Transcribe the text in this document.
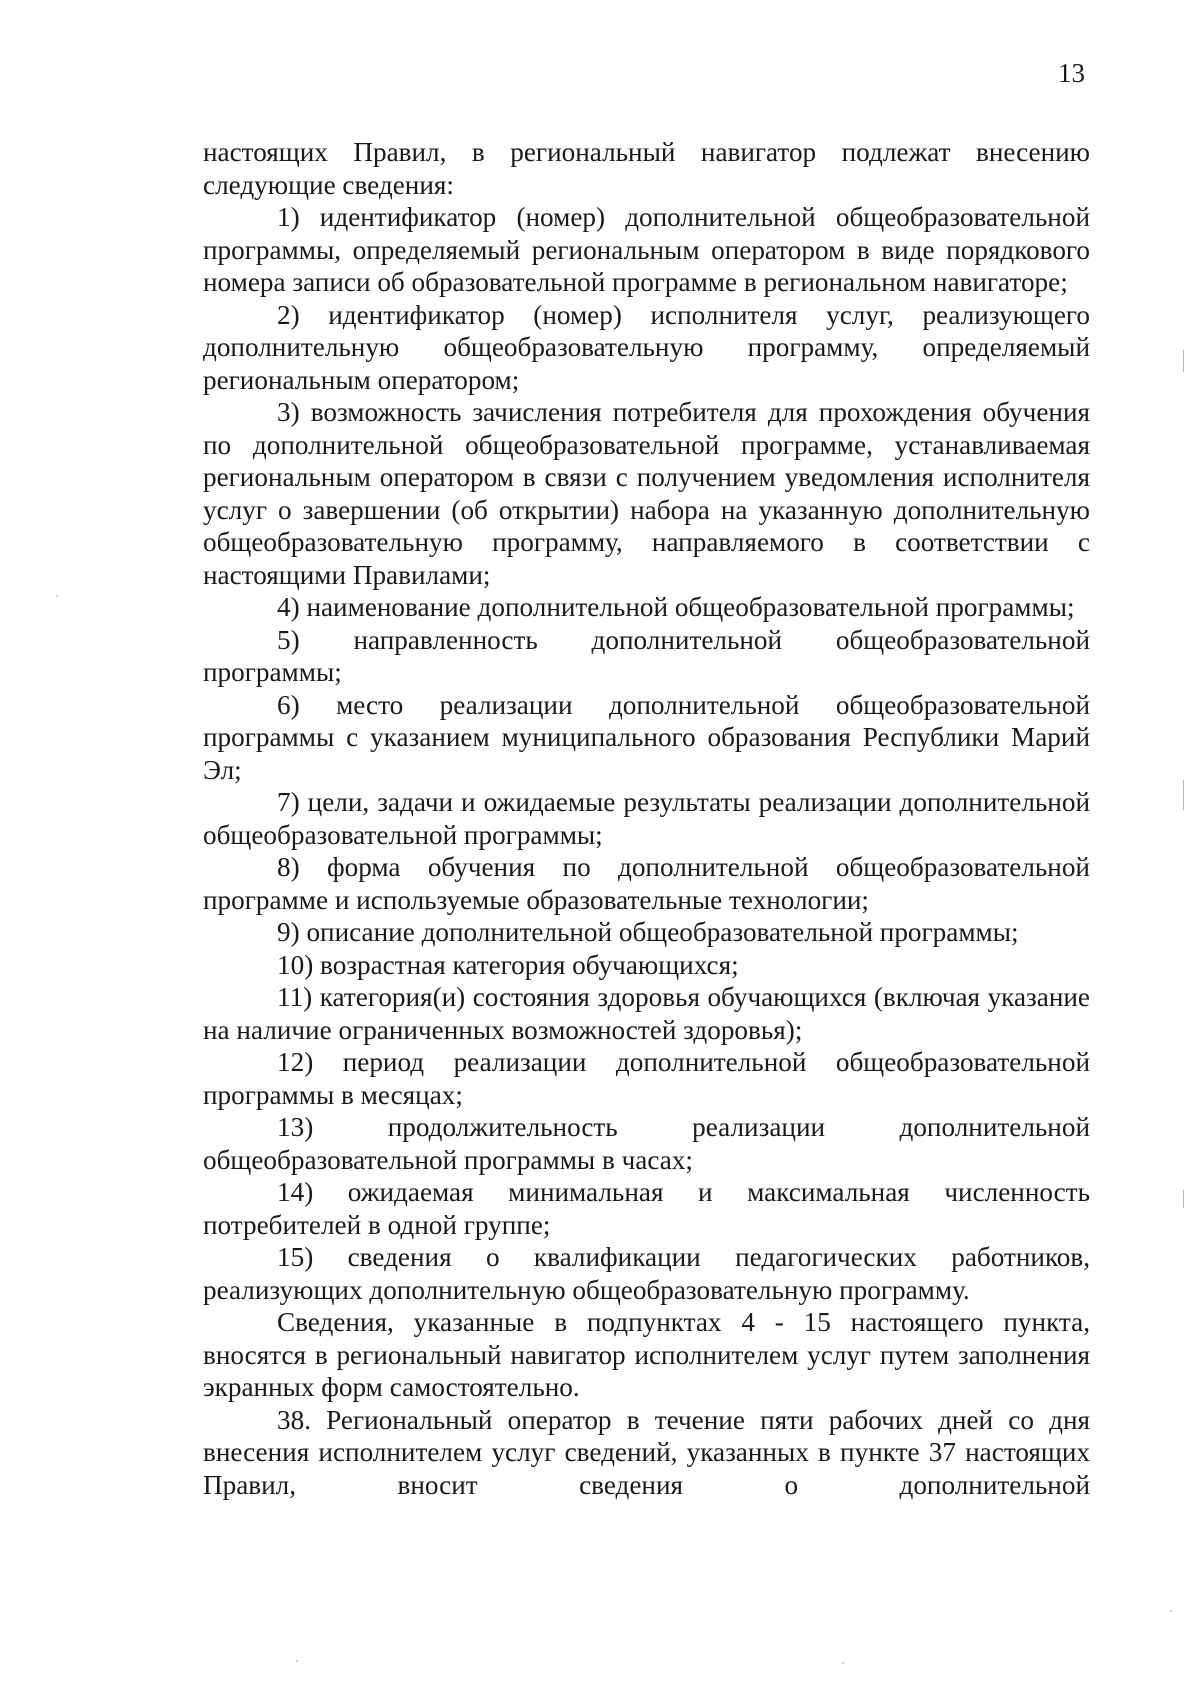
13

настоящих Правил, в региональный навигатор подлежат внесению следующие сведения:

1) идентификатор (номер) дополнительной общеобразовательной программы, определяемый региональным оператором в виде порядкового номера записи об образовательной программе в региональном навигаторе;

2) идентификатор (номер) исполнителя услуг, реализующего дополнительную общеобразовательную программу, определяемый региональным оператором;

3) возможность зачисления потребителя для прохождения обучения по дополнительной общеобразовательной программе, устанавливаемая региональным оператором в связи с получением уведомления исполнителя услуг о завершении (об открытии) набора на указанную дополнительную общеобразовательную программу, направляемого в соответствии с настоящими Правилами;

4) наименование дополнительной общеобразовательной программы;

5) направленность дополнительной общеобразовательной программы;

6) место реализации дополнительной общеобразовательной программы с указанием муниципального образования Республики Марий Эл;

7) цели, задачи и ожидаемые результаты реализации дополнительной общеобразовательной программы;

8) форма обучения по дополнительной общеобразовательной программе и используемые образовательные технологии;

9) описание дополнительной общеобразовательной программы;

10) возрастная категория обучающихся;

11) категория(и) состояния здоровья обучающихся (включая указание на наличие ограниченных возможностей здоровья);

12) период реализации дополнительной общеобразовательной программы в месяцах;

13) продолжительность реализации дополнительной общеобразовательной программы в часах;

14) ожидаемая минимальная и максимальная численность потребителей в одной группе;

15) сведения о квалификации педагогических работников, реализующих дополнительную общеобразовательную программу.

Сведения, указанные в подпунктах 4 - 15 настоящего пункта, вносятся в региональный навигатор исполнителем услуг путем заполнения экранных форм самостоятельно.

38. Региональный оператор в течение пяти рабочих дней со дня внесения исполнителем услуг сведений, указанных в пункте 37 настоящих Правил, вносит сведения о дополнительной
